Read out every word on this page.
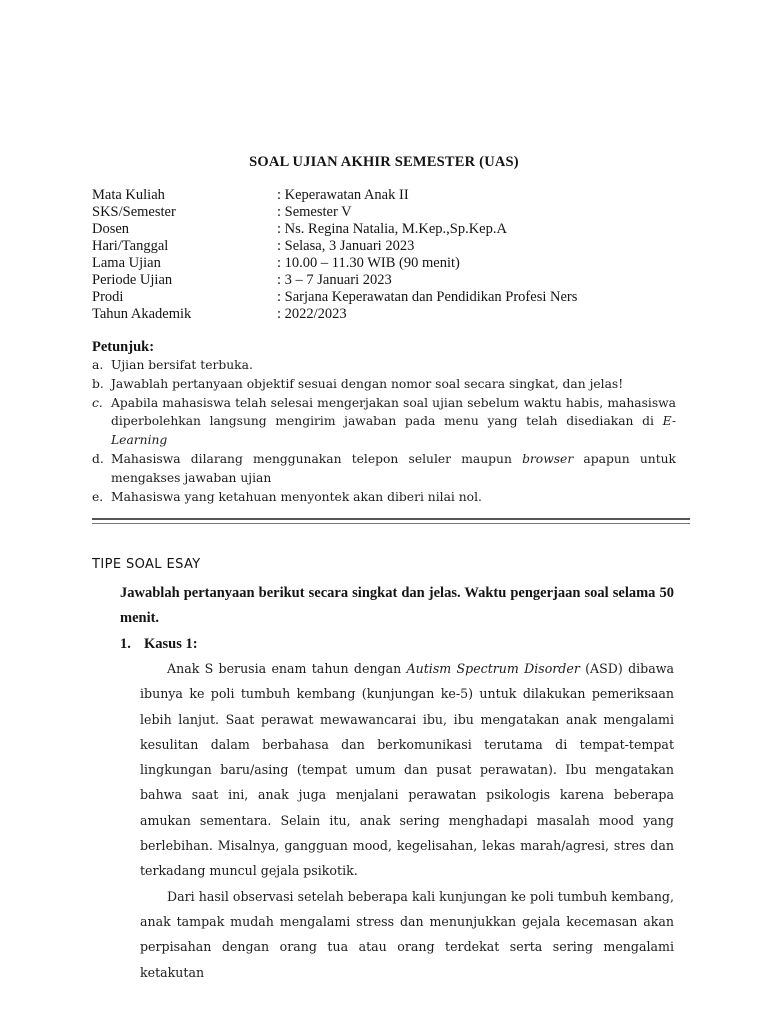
SOAL UJIAN AKHIR SEMESTER (UAS)
Mata Kuliah	: Keperawatan Anak II
SKS/Semester	: Semester V
Dosen	: Ns. Regina Natalia, M.Kep.,Sp.Kep.A
Hari/Tanggal	: Selasa, 3 Januari 2023
Lama Ujian	: 10.00 – 11.30 WIB (90 menit)
Periode Ujian	: 3 – 7 Januari 2023
Prodi	: Sarjana Keperawatan dan Pendidikan Profesi Ners
Tahun Akademik	: 2022/2023
Petunjuk:
a. Ujian bersifat terbuka.
b. Jawablah pertanyaan objektif sesuai dengan nomor soal secara singkat, dan jelas!
c. Apabila mahasiswa telah selesai mengerjakan soal ujian sebelum waktu habis, mahasiswa diperbolehkan langsung mengirim jawaban pada menu yang telah disediakan di E-Learning
d. Mahasiswa dilarang menggunakan telepon seluler maupun browser apapun untuk mengakses jawaban ujian
e. Mahasiswa yang ketahuan menyontek akan diberi nilai nol.
TIPE SOAL ESAY
Jawablah pertanyaan berikut secara singkat dan jelas. Waktu pengerjaan soal selama 50 menit.
1. Kasus 1:

Anak S berusia enam tahun dengan Autism Spectrum Disorder (ASD) dibawa ibunya ke poli tumbuh kembang (kunjungan ke-5) untuk dilakukan pemeriksaan lebih lanjut. Saat perawat mewawancarai ibu, ibu mengatakan anak mengalami kesulitan dalam berbahasa dan berkomunikasi terutama di tempat-tempat lingkungan baru/asing (tempat umum dan pusat perawatan). Ibu mengatakan bahwa saat ini, anak juga menjalani perawatan psikologis karena beberapa amukan sementara. Selain itu, anak sering menghadapi masalah mood yang berlebihan. Misalnya, gangguan mood, kegelisahan, lekas marah/agresi, stres dan terkadang muncul gejala psikotik.

Dari hasil observasi setelah beberapa kali kunjungan ke poli tumbuh kembang, anak tampak mudah mengalami stress dan menunjukkan gejala kecemasan akan perpisahan dengan orang tua atau orang terdekat serta sering mengalami ketakutan
